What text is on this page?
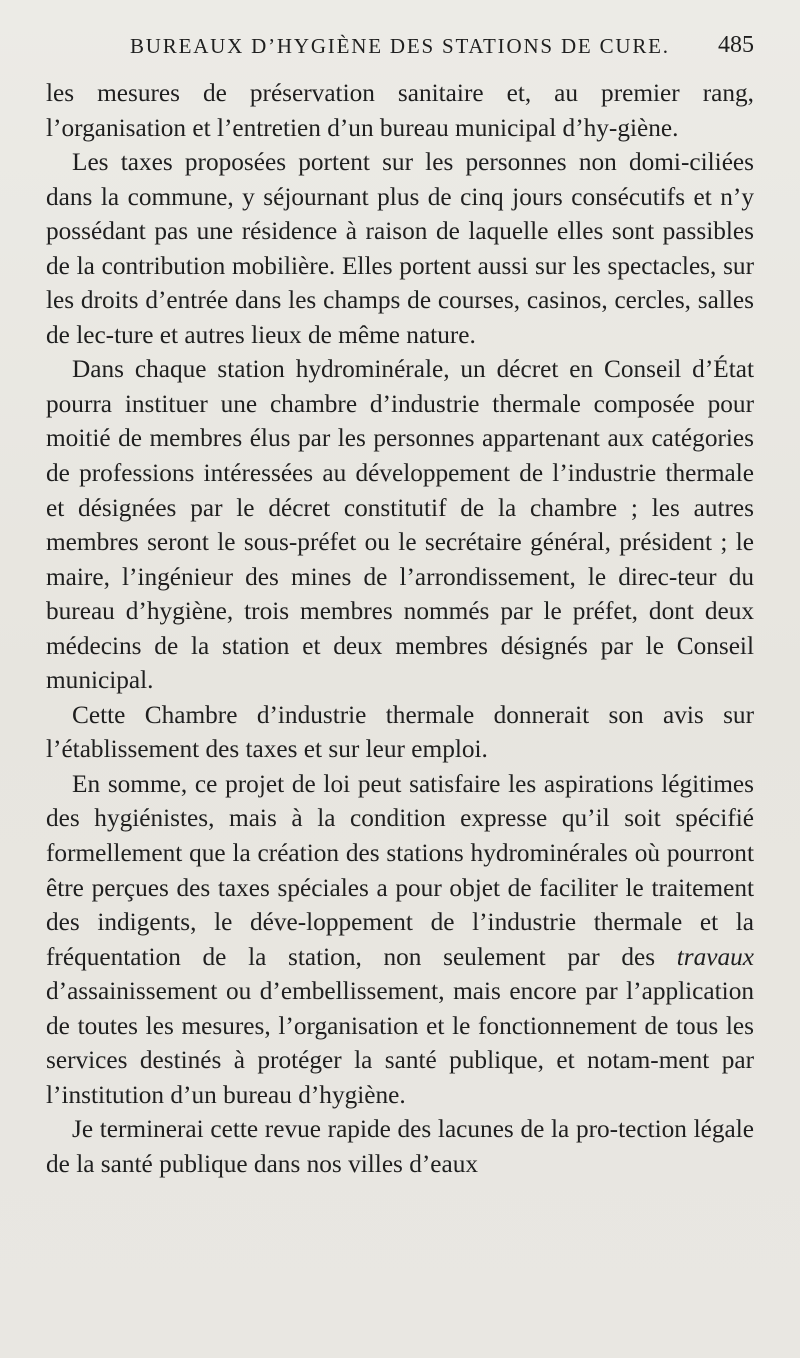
BUREAUX D’HYGIÈNE DES STATIONS DE CURE. 485

les mesures de préservation sanitaire et, au premier rang, l’organisation et l’entretien d’un bureau municipal d’hy-giène.

Les taxes proposées portent sur les personnes non domi-ciliées dans la commune, y séjournant plus de cinq jours consécutifs et n’y possédant pas une résidence à raison de laquelle elles sont passibles de la contribution mobilière. Elles portent aussi sur les spectacles, sur les droits d’entrée dans les champs de courses, casinos, cercles, salles de lec-ture et autres lieux de même nature.

Dans chaque station hydrominérale, un décret en Conseil d’État pourra instituer une chambre d’industrie thermale composée pour moitié de membres élus par les personnes appartenant aux catégories de professions intéressées au développement de l’industrie thermale et désignées par le décret constitutif de la chambre ; les autres membres seront le sous-préfet ou le secrétaire général, président ; le maire, l’ingénieur des mines de l’arrondissement, le direc-teur du bureau d’hygiène, trois membres nommés par le préfet, dont deux médecins de la station et deux membres désignés par le Conseil municipal.

Cette Chambre d’industrie thermale donnerait son avis sur l’établissement des taxes et sur leur emploi.

En somme, ce projet de loi peut satisfaire les aspirations légitimes des hygiénistes, mais à la condition expresse qu’il soit spécifié formellement que la création des stations hydrominérales où pourront être perçues des taxes spéciales a pour objet de faciliter le traitement des indigents, le déve-loppement de l’industrie thermale et la fréquentation de la station, non seulement par des travaux d’assainissement ou d’embellissement, mais encore par l’application de toutes les mesures, l’organisation et le fonctionnement de tous les services destinés à protéger la santé publique, et notam-ment par l’institution d’un bureau d’hygiène.

Je terminerai cette revue rapide des lacunes de la pro-tection légale de la santé publique dans nos villes d’eaux
